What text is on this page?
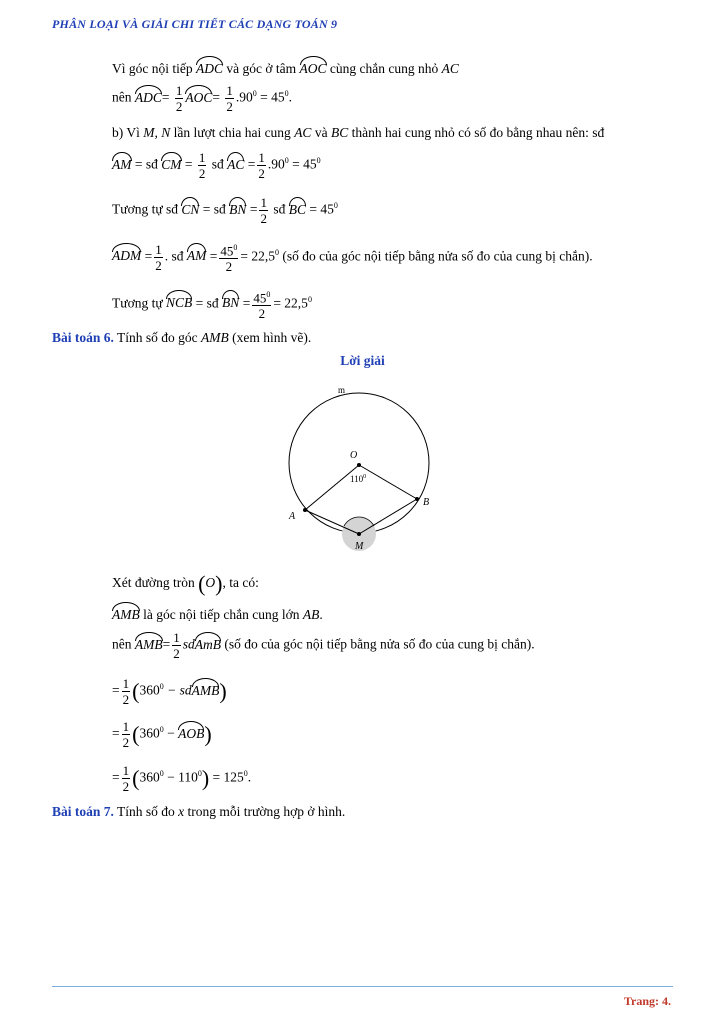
PHÂN LOẠI VÀ GIẢI CHI TIẾT CÁC DẠNG TOÁN 9
Vì góc nội tiếp ADC và góc ở tâm AOC cùng chắn cung nhỏ AC
nên $ADC= \frac{1}{2} AOC= \frac{1}{2} .90^0 = 45^0$.
b) Vì M, N lần lượt chia hai cung AC và BC thành hai cung nhỏ có số đo bằng nhau nên: sđ
AM = sđ CM = $\frac{1}{2}$ sđ AC = $\frac{1}{2} .90^0 = 45^0$
Tương tự sđ CN = sđ BN = $\frac{1}{2}$ sđ BC = $45^0$
ADM = $\frac{1}{2}$ . sđ AM = $\frac{45^0}{2} = 22,5^0$ (số đo của góc nội tiếp bằng nửa số đo của cung bị chắn).
Tương tự NCB = sđ BN = $\frac{45^0}{2} = 22,5^0$
Bài toán 6. Tính số đo góc AMB (xem hình vẽ).
Lời giải
m
O
$110^0$
A
B
M
Xét đường tròn (O), ta có:
AMB là góc nội tiếp chắn cung lớn AB.
nên $AMB= \frac{1}{2}$ sdAmB (số đo của góc nội tiếp bằng nửa số đo của cung bị chắn).
= $\frac{1}{2} (360^0$ − sdAMB)
= $\frac{1}{2} (360^0 - AOB)$
= $\frac{1}{2} (360^0 - 110^0) = 125^0$.
Bài toán 7. Tính số đo x trong mỗi trường hợp ở hình.
Trang: 4.
